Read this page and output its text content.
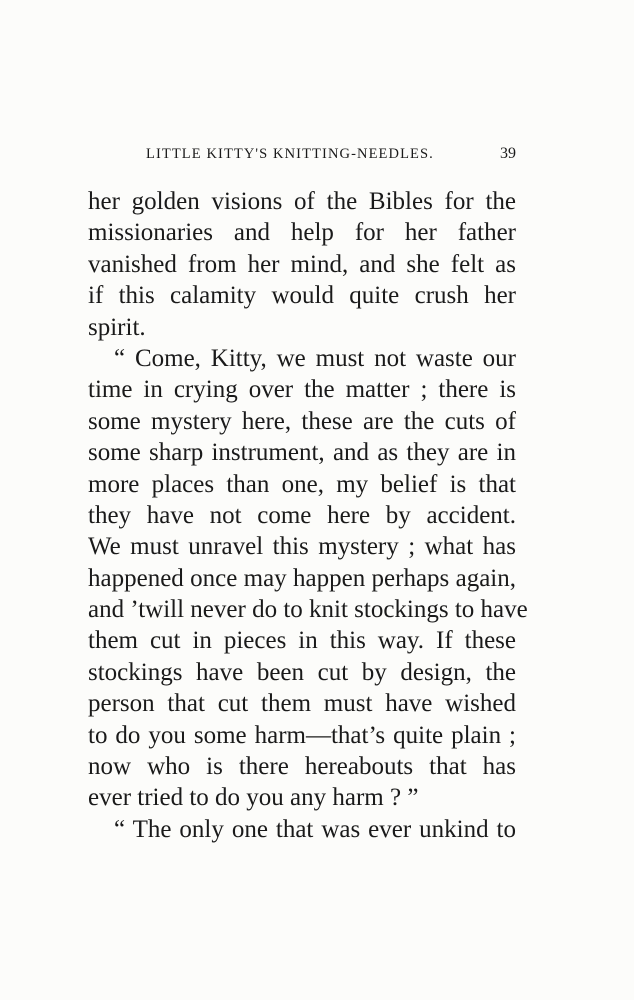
LITTLE KITTY'S KNITTING-NEEDLES.	39
her golden visions of the Bibles for the
missionaries and help for her father
vanished from her mind, and she felt as
if this calamity would quite crush her
spirit.
“ Come, Kitty, we must not waste our
time in crying over the matter ; there is
some mystery here, these are the cuts of
some sharp instrument, and as they are in
more places than one, my belief is that
they have not come here by accident.
We must unravel this mystery ; what has
happened once may happen perhaps again,
and ’twill never do to knit stockings to have
them cut in pieces in this way. If these
stockings have been cut by design, the
person that cut them must have wished
to do you some harm—that’s quite plain ;
now who is there hereabouts that has
ever tried to do you any harm ? ”
“ The only one that was ever unkind to
